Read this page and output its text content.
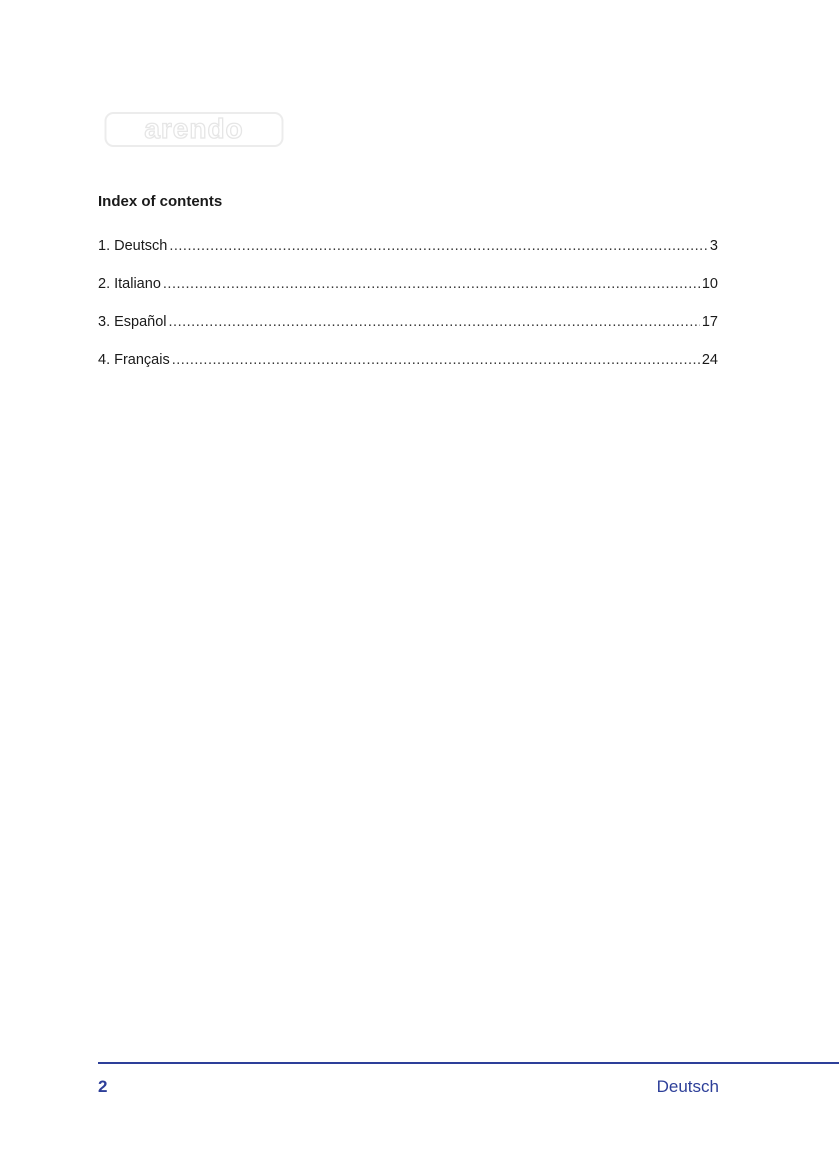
arendo
Index of contents
1. Deutsch .....	3
2. Italiano .....	10
3. Español .....	17
4. Français .....	24
2	Deutsch
